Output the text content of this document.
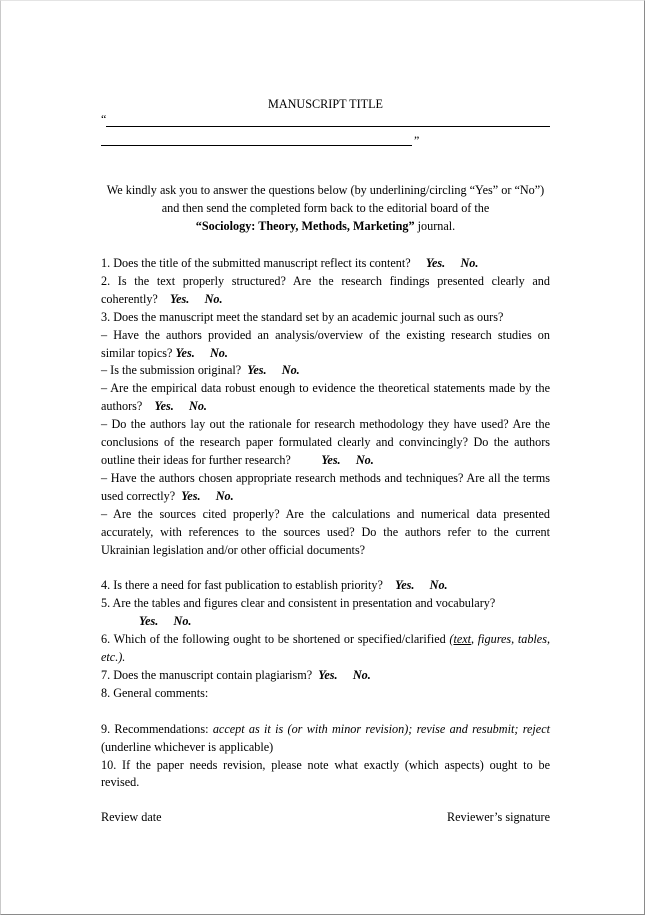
MANUSCRIPT TITLE

“
”

We kindly ask you to answer the questions below (by underlining/circling “Yes” or “No”) and then send the completed form back to the editorial board of the
“Sociology: Theory, Methods, Marketing” journal.

1. Does the title of the submitted manuscript reflect its content? Yes. No.

2. Is the text properly structured? Are the research findings presented clearly and coherently? Yes. No.

3. Does the manuscript meet the standard set by an academic journal such as ours?

– Have the authors provided an analysis/overview of the existing research studies on similar topics? Yes. No.

– Is the submission original? Yes. No.

– Are the empirical data robust enough to evidence the theoretical statements made by the authors? Yes. No.

– Do the authors lay out the rationale for research methodology they have used? Are the conclusions of the research paper formulated clearly and convincingly? Do the authors outline their ideas for further research? Yes. No.

– Have the authors chosen appropriate research methods and techniques? Are all the terms used correctly? Yes. No.

– Are the sources cited properly? Are the calculations and numerical data presented accurately, with references to the sources used? Do the authors refer to the current Ukrainian legislation and/or other official documents?

4. Is there a need for fast publication to establish priority? Yes. No.

5. Are the tables and figures clear and consistent in presentation and vocabulary?
Yes. No.

6. Which of the following ought to be shortened or specified/clarified (text, figures, tables, etc.).

7. Does the manuscript contain plagiarism? Yes. No.

8. General comments:

9. Recommendations: accept as it is (or with minor revision); revise and resubmit; reject (underline whichever is applicable)

10. If the paper needs revision, please note what exactly (which aspects) ought to be revised.

Review date	Reviewer’s signature
